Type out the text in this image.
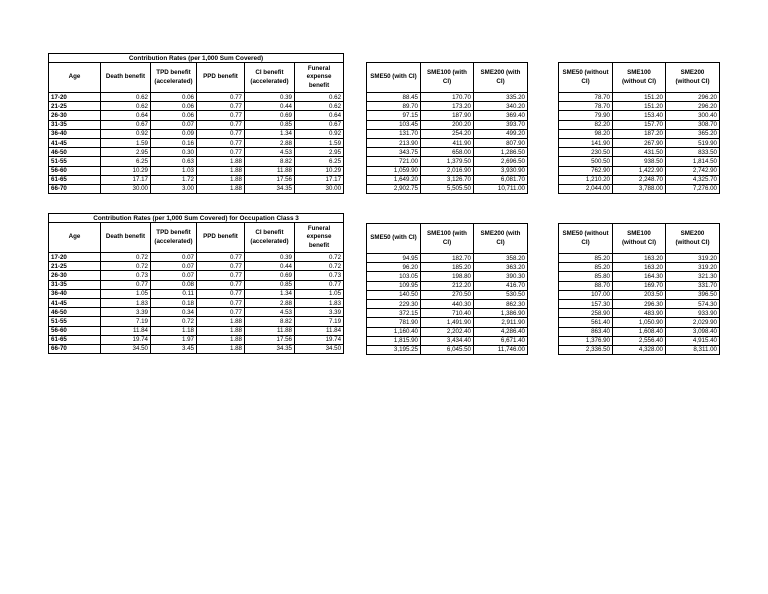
Contribution Rates (per 1,000 Sum Covered)					
Age	Death benefit	TPD benefit (accelerated)	PPD benefit	CI benefit (accelerated)	Funeral expense benefit
17-20	0.62	0.06	0.77	0.39	0.62
21-25	0.62	0.06	0.77	0.44	0.62
26-30	0.64	0.06	0.77	0.69	0.64
31-35	0.67	0.07	0.77	0.85	0.67
36-40	0.92	0.09	0.77	1.34	0.92
41-45	1.59	0.16	0.77	2.88	1.59
46-50	2.95	0.30	0.77	4.53	2.95
51-55	6.25	0.63	1.88	8.82	6.25
56-60	10.29	1.03	1.88	11.88	10.29
61-65	17.17	1.72	1.88	17.56	17.17
66-70	30.00	3.00	1.88	34.35	30.00
SME50 (with CI)	SME100 (with CI)	SME200 (with CI)
88.45	170.70	335.20
89.70	173.20	340.20
97.15	187.90	369.40
103.45	200.20	393.70
131.70	254.20	499.20
213.90	411.90	807.90
343.75	658.00	1,286.50
721.00	1,379.50	2,696.50
1,059.90	2,016.90	3,930.90
1,649.20	3,126.70	6,081.70
2,902.75	5,505.50	10,711.00
SME50 (without CI)	SME100 (without CI)	SME200 (without CI)
78.70	151.20	296.20
78.70	151.20	296.20
79.90	153.40	300.40
82.20	157.70	308.70
98.20	187.20	365.20
141.90	267.90	519.90
230.50	431.50	833.50
500.50	938.50	1,814.50
762.90	1,422.90	2,742.90
1,210.20	2,248.70	4,325.70
2,044.00	3,788.00	7,276.00
Contribution Rates (per 1,000 Sum Covered) for Occupation Class 3					
Age	Death benefit	TPD benefit (accelerated)	PPD benefit	CI benefit (accelerated)	Funeral expense benefit
17-20	0.72	0.07	0.77	0.39	0.72
21-25	0.72	0.07	0.77	0.44	0.72
26-30	0.73	0.07	0.77	0.69	0.73
31-35	0.77	0.08	0.77	0.85	0.77
36-40	1.05	0.11	0.77	1.34	1.05
41-45	1.83	0.18	0.77	2.88	1.83
46-50	3.39	0.34	0.77	4.53	3.39
51-55	7.19	0.72	1.88	8.82	7.19
56-60	11.84	1.18	1.88	11.88	11.84
61-65	19.74	1.97	1.88	17.56	19.74
66-70	34.50	3.45	1.88	34.35	34.50
SME50 (with CI)	SME100 (with CI)	SME200 (with CI)
94.95	182.70	358.20
96.20	185.20	363.20
103.05	198.80	390.30
109.95	212.20	416.70
140.50	270.50	530.50
229.30	440.30	862.30
372.15	710.40	1,386.90
781.90	1,491.90	2,911.90
1,160.40	2,202.40	4,286.40
1,815.90	3,434.40	6,671.40
3,195.25	6,045.50	11,746.00
SME50 (without CI)	SME100 (without CI)	SME200 (without CI)
85.20	163.20	319.20
85.20	163.20	319.20
85.80	164.30	321.30
88.70	169.70	331.70
107.00	203.50	396.50
157.30	296.30	574.30
258.90	483.90	933.90
561.40	1,050.90	2,029.90
863.40	1,608.40	3,098.40
1,376.90	2,556.40	4,915.40
2,336.50	4,328.00	8,311.00
